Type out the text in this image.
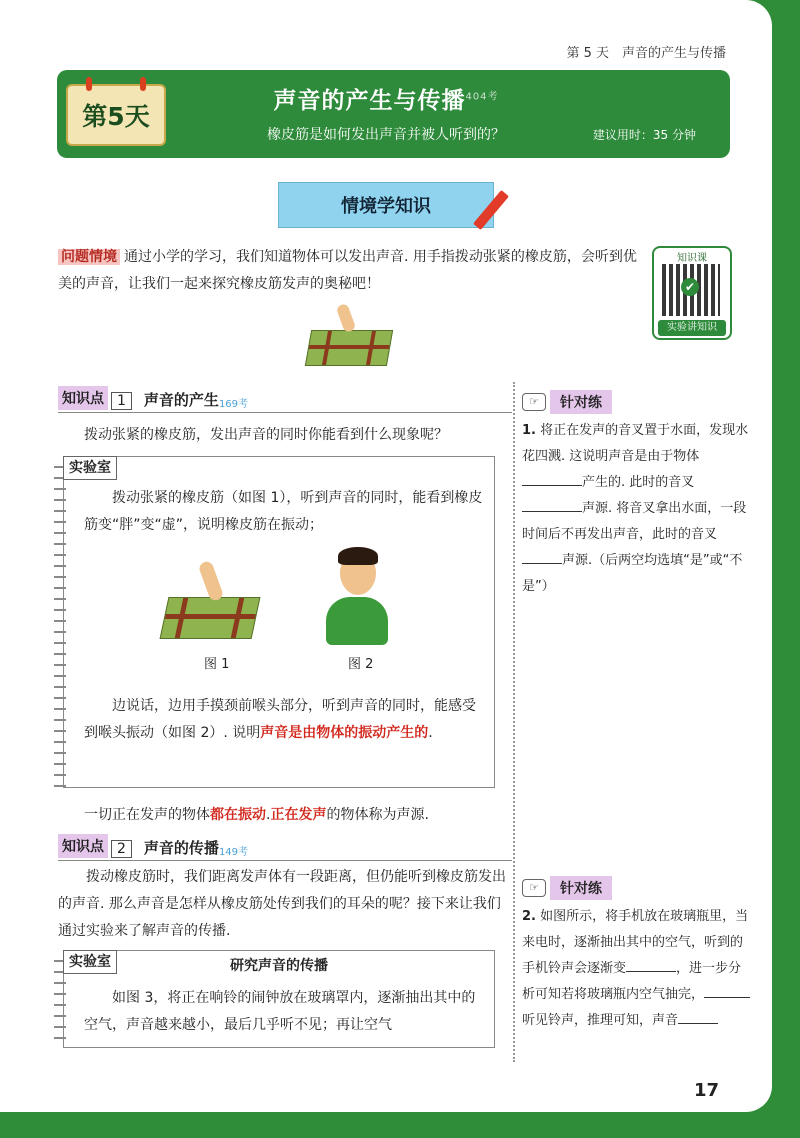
第 5 天　声音的产生与传播
第5天
声音的产生与传播$^{404考}$
橡皮筋是如何发出声音并被人听到的？	建议用时：35 分钟
情境学知识
问题情境 通过小学的学习，我们知道物体可以发出声音. 用手指拨动张紧的橡皮筋，会听到优美的声音，让我们一起来探究橡皮筋发声的奥秘吧！
知识课
✔
实验讲知识
知识点 1	声音的产生 169考
拨动张紧的橡皮筋，发出声音的同时你能看到什么现象呢？
实验室
拨动张紧的橡皮筋（如图 1），听到声音的同时，能看到橡皮筋变“胖”变“虚”，说明橡皮筋在振动；
图 1	图 2
边说话，边用手摸颈前喉头部分，听到声音的同时，能感受到喉头振动（如图 2）. 说明声音是由物体的振动产生的.
一切正在发声的物体都在振动.正在发声的物体称为声源.
知识点 2	声音的传播 149考
拨动橡皮筋时，我们距离发声体有一段距离，但仍能听到橡皮筋发出的声音. 那么声音是怎样从橡皮筋处传到我们的耳朵的呢？接下来让我们通过实验来了解声音的传播.
实验室	研究声音的传播
如图 3，将正在响铃的闹钟放在玻璃罩内，逐渐抽出其中的空气，声音越来越小，最后几乎听不见；再让空气
☞	针对练
1. 将正在发声的音叉置于水面，发现水花四溅. 这说明声音是由于物体产生的. 此时的音叉声源. 将音叉拿出水面，一段时间后不再发出声音，此时的音叉声源.（后两空均选填“是”或“不是”）
☞	针对练
2. 如图所示，将手机放在玻璃瓶里，当来电时，逐渐抽出其中的空气，听到的手机铃声会逐渐变	，进一步分析可知若将玻璃瓶内空气抽完，听见铃声，推理可知，声音
17
